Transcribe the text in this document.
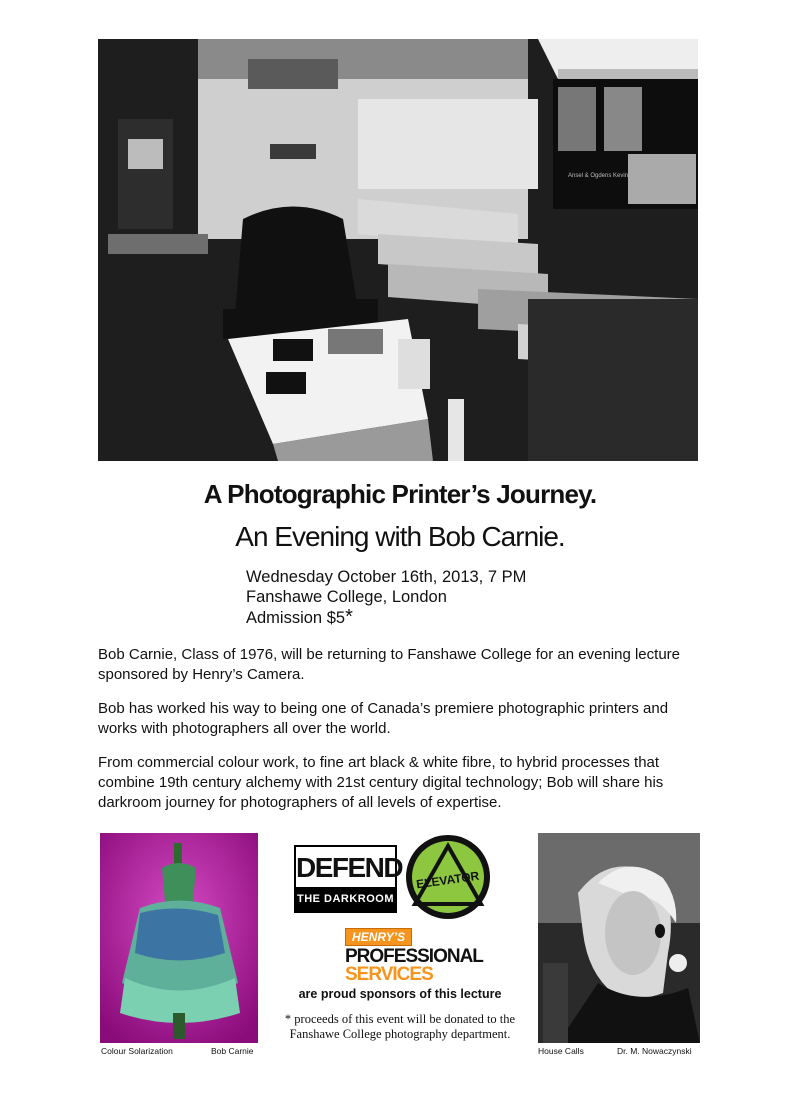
Ansel & Ogdens Kevin
A Photographic Printer’s Journey.
An Evening with Bob Carnie.
Wednesday October 16th, 2013, 7 PM
Fanshawe College, London
Admission $5*
Bob Carnie, Class of 1976, will be returning to Fanshawe College for an evening lecture sponsored by Henry’s Camera.
Bob has worked his way to being one of Canada’s premiere photographic printers and works with photographers all over the world.
From commercial colour work, to fine art black & white fibre, to hybrid processes that combine 19th century alchemy with 21st century digital technology; Bob will share his darkroom journey for photographers of all levels of expertise.
Colour Solarization	Bob Carnie	House Calls	Dr. M. Nowaczynski
DEFEND
THE DARKROOM
ELEVATOR
HENRY’S
PROFESSIONAL
SERVICES
are proud sponsors of this lecture
* proceeds of this event will be donated to the Fanshawe College photography department.
